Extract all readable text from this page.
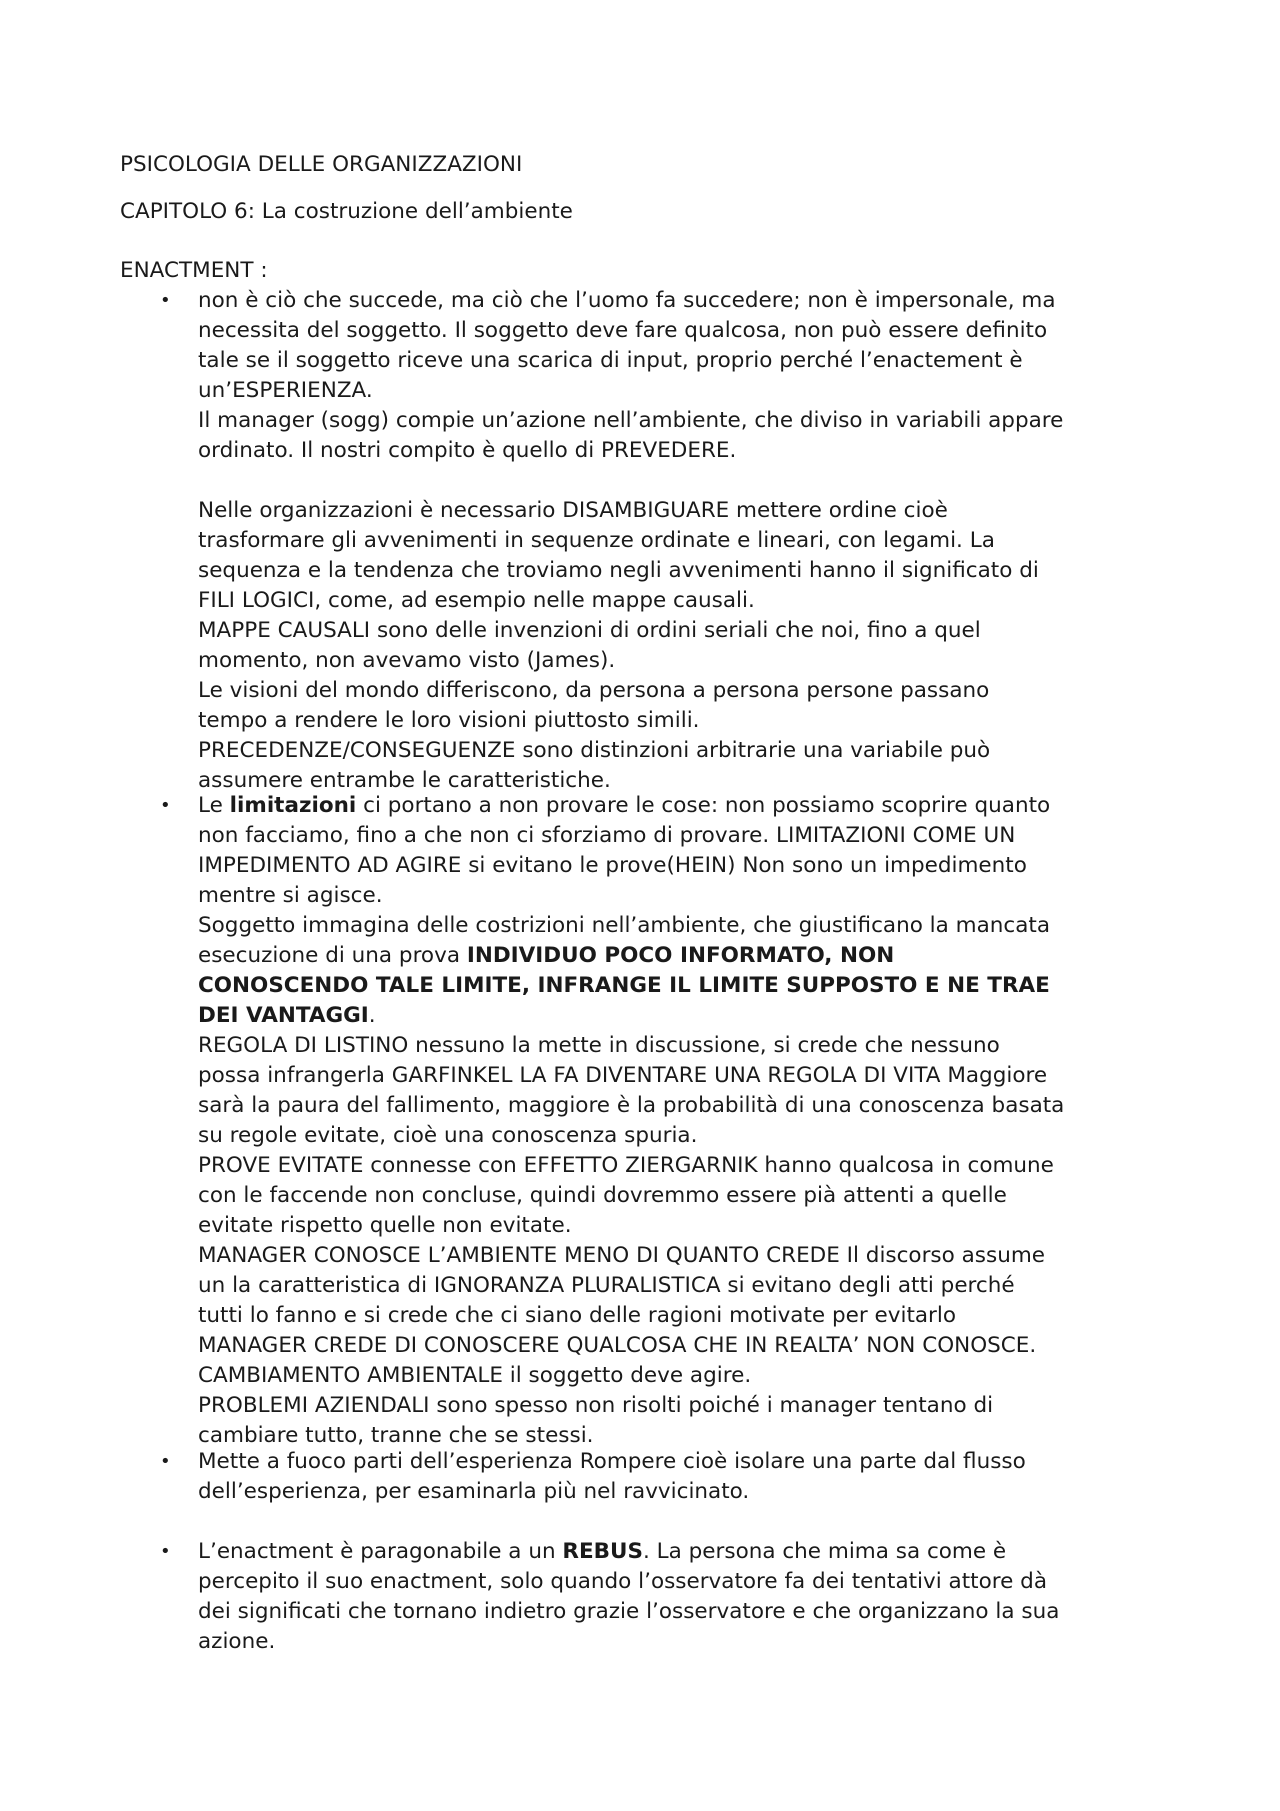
PSICOLOGIA DELLE ORGANIZZAZIONI

CAPITOLO 6: La costruzione dell’ambiente

ENACTMENT :

• non è ciò che succede, ma ciò che l’uomo fa succedere; non è impersonale, ma
necessita del soggetto. Il soggetto deve fare qualcosa, non può essere definito
tale se il soggetto riceve una scarica di input, proprio perché l’enactement è
un’ESPERIENZA.
Il manager (sogg) compie un’azione nell’ambiente, che diviso in variabili appare
ordinato. Il nostri compito è quello di PREVEDERE.
Nelle organizzazioni è necessario DISAMBIGUARE mettere ordine cioè
trasformare gli avvenimenti in sequenze ordinate e lineari, con legami. La
sequenza e la tendenza che troviamo negli avvenimenti hanno il significato di
FILI LOGICI, come, ad esempio nelle mappe causali.
MAPPE CAUSALI sono delle invenzioni di ordini seriali che noi, fino a quel
momento, non avevamo visto (James).
Le visioni del mondo differiscono, da persona a persona persone passano
tempo a rendere le loro visioni piuttosto simili.
PRECEDENZE/CONSEGUENZE sono distinzioni arbitrarie una variabile può
assumere entrambe le caratteristiche.
• Le limitazioni ci portano a non provare le cose: non possiamo scoprire quanto
non facciamo, fino a che non ci sforziamo di provare. LIMITAZIONI COME UN
IMPEDIMENTO AD AGIRE si evitano le prove(HEIN) Non sono un impedimento
mentre si agisce.
Soggetto immagina delle costrizioni nell’ambiente, che giustificano la mancata
esecuzione di una prova INDIVIDUO POCO INFORMATO, NON
CONOSCENDO TALE LIMITE, INFRANGE IL LIMITE SUPPOSTO E NE TRAE
DEI VANTAGGI.
REGOLA DI LISTINO nessuno la mette in discussione, si crede che nessuno
possa infrangerla GARFINKEL LA FA DIVENTARE UNA REGOLA DI VITA Maggiore
sarà la paura del fallimento, maggiore è la probabilità di una conoscenza basata
su regole evitate, cioè una conoscenza spuria.
PROVE EVITATE connesse con EFFETTO ZIERGARNIK hanno qualcosa in comune
con le faccende non concluse, quindi dovremmo essere pià attenti a quelle
evitate rispetto quelle non evitate.
MANAGER CONOSCE L’AMBIENTE MENO DI QUANTO CREDE Il discorso assume
un la caratteristica di IGNORANZA PLURALISTICA si evitano degli atti perché
tutti lo fanno e si crede che ci siano delle ragioni motivate per evitarlo
MANAGER CREDE DI CONOSCERE QUALCOSA CHE IN REALTA’ NON CONOSCE.
CAMBIAMENTO AMBIENTALE il soggetto deve agire.
PROBLEMI AZIENDALI sono spesso non risolti poiché i manager tentano di
cambiare tutto, tranne che se stessi.
• Mette a fuoco parti dell’esperienza Rompere cioè isolare una parte dal flusso
dell’esperienza, per esaminarla più nel ravvicinato.
• L’enactment è paragonabile a un REBUS. La persona che mima sa come è
percepito il suo enactment, solo quando l’osservatore fa dei tentativi attore dà
dei significati che tornano indietro grazie l’osservatore e che organizzano la sua
azione.
